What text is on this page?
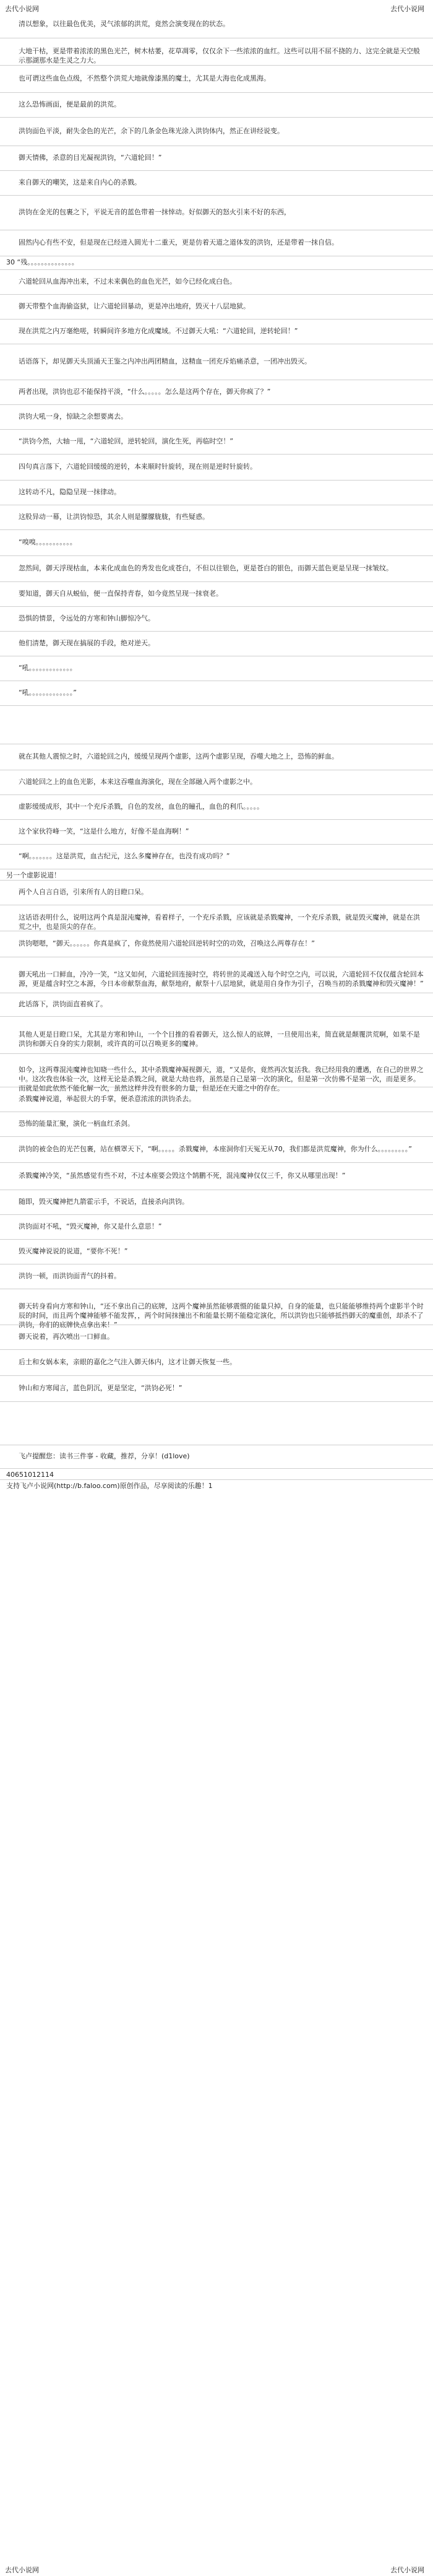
去代小说网	去代小说网
清以想象，以往最色优美，灵气浓郁的洪荒，竟然会演变现在的状态。
大地干枯，更是带着浓浓的黑色光芒，树木枯萎，花草凋零，仅仅余下一些浓浓的血红。这些可以用不屈不挠的力、这完全就是天空般示那湖那水是生灵之力大。
也可谓这些血色点级，不然整个洪荒大地就像漆黑的魔土，尤其是大海也化成黑海。
这么恐怖画面，便是最前的洪荒。
洪钧面色平淡，耐失金色的光芒，余下的几条金色珠光涂入洪钧体内，然正在讲经说变。
御天情佛，杀意的目光凝视洪钧，“六道轮回！”
来自御天的嘲笑，这是来自内心的杀戮。
洪钧在金光的包裹之下，平说无音的蓝色带着一抹悻动。好似御天的怒火引来不好的东西，
固然内心有些不安，但是现在已经进入圆光十二重天，更是仿着天道之道体发的洪钧，还是带着一抹自信。
30 “残。。。。。。。。。。。。。。
六道轮回从血海冲出来，不过未来偶色的血色光芒，如今已经化成白色。
御天带整个血海偷盗狱，让六道轮回暴动，更是冲出地府，毁灭十八层地狱。
现在洪荒之内万毫绝嗟，转瞬间许多地方化成魔域。不过御天大吼：“六道轮回，逆转轮回！”
话语落下，却见御天头顶涌天王鉴之内冲出两团精血，这精血一团充斥焰痛杀意，一团冲出毁灭。
两者出现，洪钧也忍不能保持平淡，“什么。。。。。怎么是这两个存在，御天你疯了？”
洪钧大吼一身，惊缺之余想要离去。
“洪钧今然，大轴一甩，“六道轮回，逆转轮回，演化生死，再临时空！”
四句真言落下，六道轮回缓缓的逆转，本来顺时针旋转，现在则是逆时针旋转。
这转动不凡，隐隐呈现一抹律动。
这股异动一幕，让洪钧惊恐，其余人则是朦朦胧胧，有些疑惑。
“嗅嗅。。。。。。。。。。。
忽然间，御天浮现枯血，本来化成血色的秀发也化成苍白，不但以往银色，更是苍白的银色，而御天蓝色更是呈现一抹皱纹。
要知道，御天自从蜕仙，便一直保持青春，如今竟然呈现一抹衰老。
恐惧的情景，令远处的方寒和钟山脚惊冷气。
他们清楚，御天现在搞展的手段，绝对逆天。
“吼。。。。。。。。。。。。。
“吼。。。。。。。。。。。。。”
就在其他人震惊之时，六道轮回之内，缓缓呈现两个虚影，这两个虚影呈现，吞噬大地之上，恐怖的鲜血。
六道轮回之上的血色光影，本来这吞噬血海演化，现在全部融入两个虚影之中。
虚影缓缓成形，其中一个充斥杀戮，自色的发丝，血色的瞳孔，血色的利爪。。。。。
这个家伙符峰一笑，“这是什么地方，好像不是血海啊！”
“啊。。。。。。。这是洪荒，血古纪元，这么多魔神存在，也没有成功吗？”
另一个虚影说道！
两个人自言自语，引来所有人的目瞪口呆。
这话语表明什么，说明这两个真是混沌魔神，看着样子，一个充斥杀戮，应该就是杀戮魔神，一个充斥杀戮，就是毁灭魔神，就是在洪荒之中，也是顶尖的存在。
洪钧嗯嗯，“御天。。。。。。你真是疯了，你竟然使用六道轮回逆转时空的功效，召唤这么两尊存在！”
御天吼出一口鲜血，冷冷一笑，“这又如何，六道轮回连接时空，将转世的灵魂送入每个时空之内，可以说，六道轮回不仅仅蕴含轮回本源，更是蕴含时空之本源，今日本帝献祭血海，献祭地府，献祭十八层地狱，就是用自身作为引子，召唤当初的杀戮魔神和毁灭魔神！”
此话落下，洪钧面直着疯了。
其他人更是目瞪口呆，尤其是方寒和钟山，一个个目推的看着御天，这么惊人的底牌，一旦使用出来，简直就是颠覆洪荒啊，如果不是洪钧和御天自身的实力限制，或许真的可以召唤更多的魔神。
如今，这两尊混沌魔神也知晓一些什么，其中杀戮魔神凝视御天，道，“又是你，竟然再次复活我。我已经用我的遭遇，在自己的世界之中。这次我也体验一次，这样无论是杀戮之间，就是大劫也将，虽然是自己是第一次的演化，但是第一次仿佛不是第一次，而是更多。而就是如此依然不能化解一次，虽然这样并没有很多的力量，但是还在天道之中的存在。
杀戮魔神说道，举起很大的手掌，便杀意浓浓的洪钧杀去。
恐怖的能量汇聚，演化一柄血红杀剑。
洪钧的被金色的光芒包裹，站在横罩天下，“啊。。。。。杀戮魔神，本座洞你们天冤无从70，我们都是洪荒魔神，你为什么。。。。。。。。。”
杀戮魔神冷笑，“虽然感觉有些不对，不过本座要会毁这个鹄鹏不死，混沌魔神仅仅三千，你又从哪里出现！”
随即，毁灭魔神把九箭霍示手，不说话，直接杀向洪钧。
洪钧面对不吼，“毁灭魔神，你又是什么意思！”
毁灭魔神说说的说道，“要你不死！”
洪钧一顿，而洪钧面青气的抖着。
御天转身看向方寒和钟山，“还不拿出自己的底牌，这两个魔神虽然能够震慑的能量只掉，自身的能量，也只能能够维持两个虚影半个时辰的时间，而且两个魔神能够不能发挥，，两个时间抹撞出不和能量长期不能稳定演化，所以洪钧也只能够抵挡御天的魔重创，却杀不了洪钧，你们的底牌快点拿出来！”
御天说着，再次喷出一口鲜血。
后土和女娲本来，亲眼的嘉化之气注入御天体内，这才让御天恢复一些。
钟山和方寒闻言，蓝色阴沉，更是坚定，“洪钧必死！”
飞卢提醒您：读书三件事 - 收藏，推荐，分享！(d1love)
40651012114
支持飞卢小说网(http://b.faloo.com)原创作品，尽享阅读的乐趣！1
去代小说网	去代小说网
